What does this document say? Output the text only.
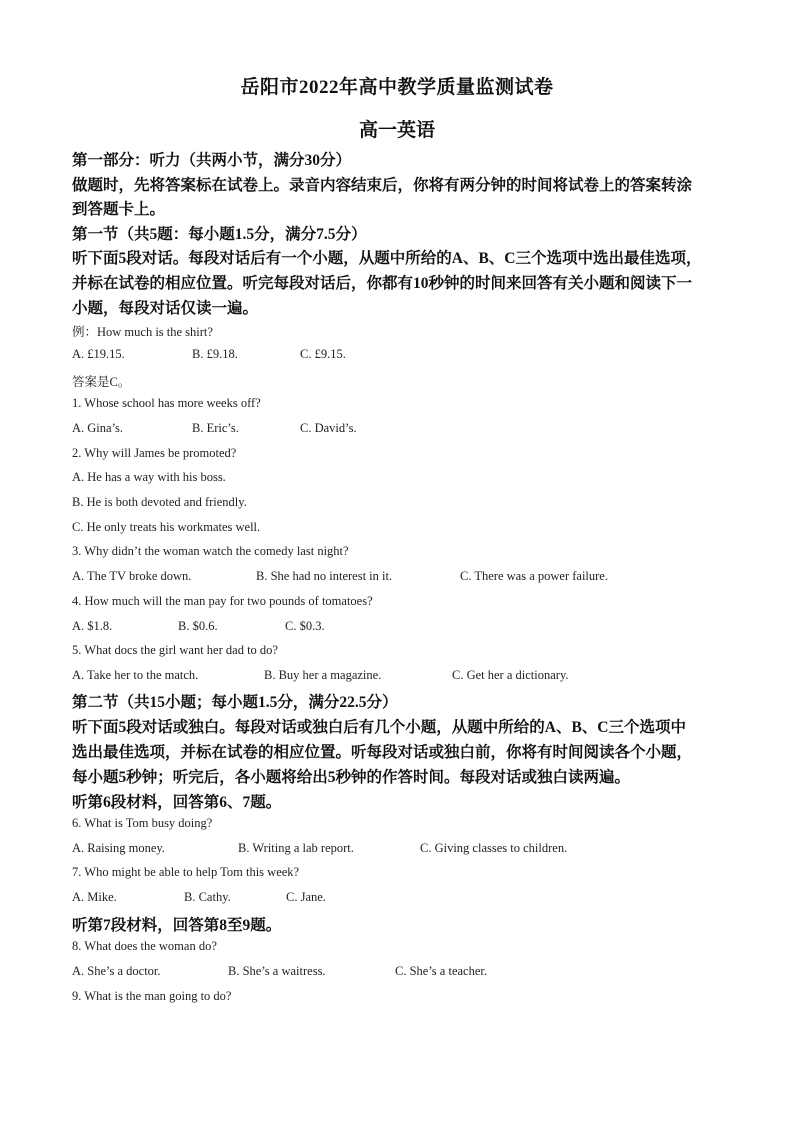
岳阳市2022年高中教学质量监测试卷
高一英语
第一部分：听力（共两小节，满分30分）
做题时，先将答案标在试卷上。录音内容结束后，你将有两分钟的时间将试卷上的答案转涂
到答题卡上。
第一节（共5题：每小题1.5分，满分7.5分）
听下面5段对话。每段对话后有一个小题，从题中所给的A、B、C三个选项中选出最佳选项，
并标在试卷的相应位置。听完每段对话后，你都有10秒钟的时间来回答有关小题和阅读下一
小题，每段对话仅读一遍。
例：How much is the shirt?
A. £19.15.	B. £9.18.	C. £9.15.
答案是C。
1. Whose school has more weeks off?
A. Gina’s.	B. Eric’s.	C. David’s.
2. Why will James be promoted?
A. He has a way with his boss.
B. He is both devoted and friendly.
C. He only treats his workmates well.
3. Why didn’t the woman watch the comedy last night?
A. The TV broke down.	B. She had no interest in it.	C. There was a power failure.
4. How much will the man pay for two pounds of tomatoes?
A. $1.8.	B. $0.6.	C. $0.3.
5. What docs the girl want her dad to do?
A. Take her to the match.	B. Buy her a magazine.	C. Get her a dictionary.
第二节（共15小题；每小题1.5分，满分22.5分）
听下面5段对话或独白。每段对话或独白后有几个小题，从题中所给的A、B、C三个选项中
选出最佳选项，并标在试卷的相应位置。听每段对话或独白前，你将有时间阅读各个小题，
每小题5秒钟；听完后，各小题将给出5秒钟的作答时间。每段对话或独白读两遍。
听第6段材料，回答第6、7题。
6. What is Tom busy doing?
A. Raising money.	B. Writing a lab report.	C. Giving classes to children.
7. Who might be able to help Tom this week?
A. Mike.	B. Cathy.	C. Jane.
听第7段材料，回答第8至9题。
8. What does the woman do?
A. She’s a doctor.	B. She’s a waitress.	C. She’s a teacher.
9. What is the man going to do?
